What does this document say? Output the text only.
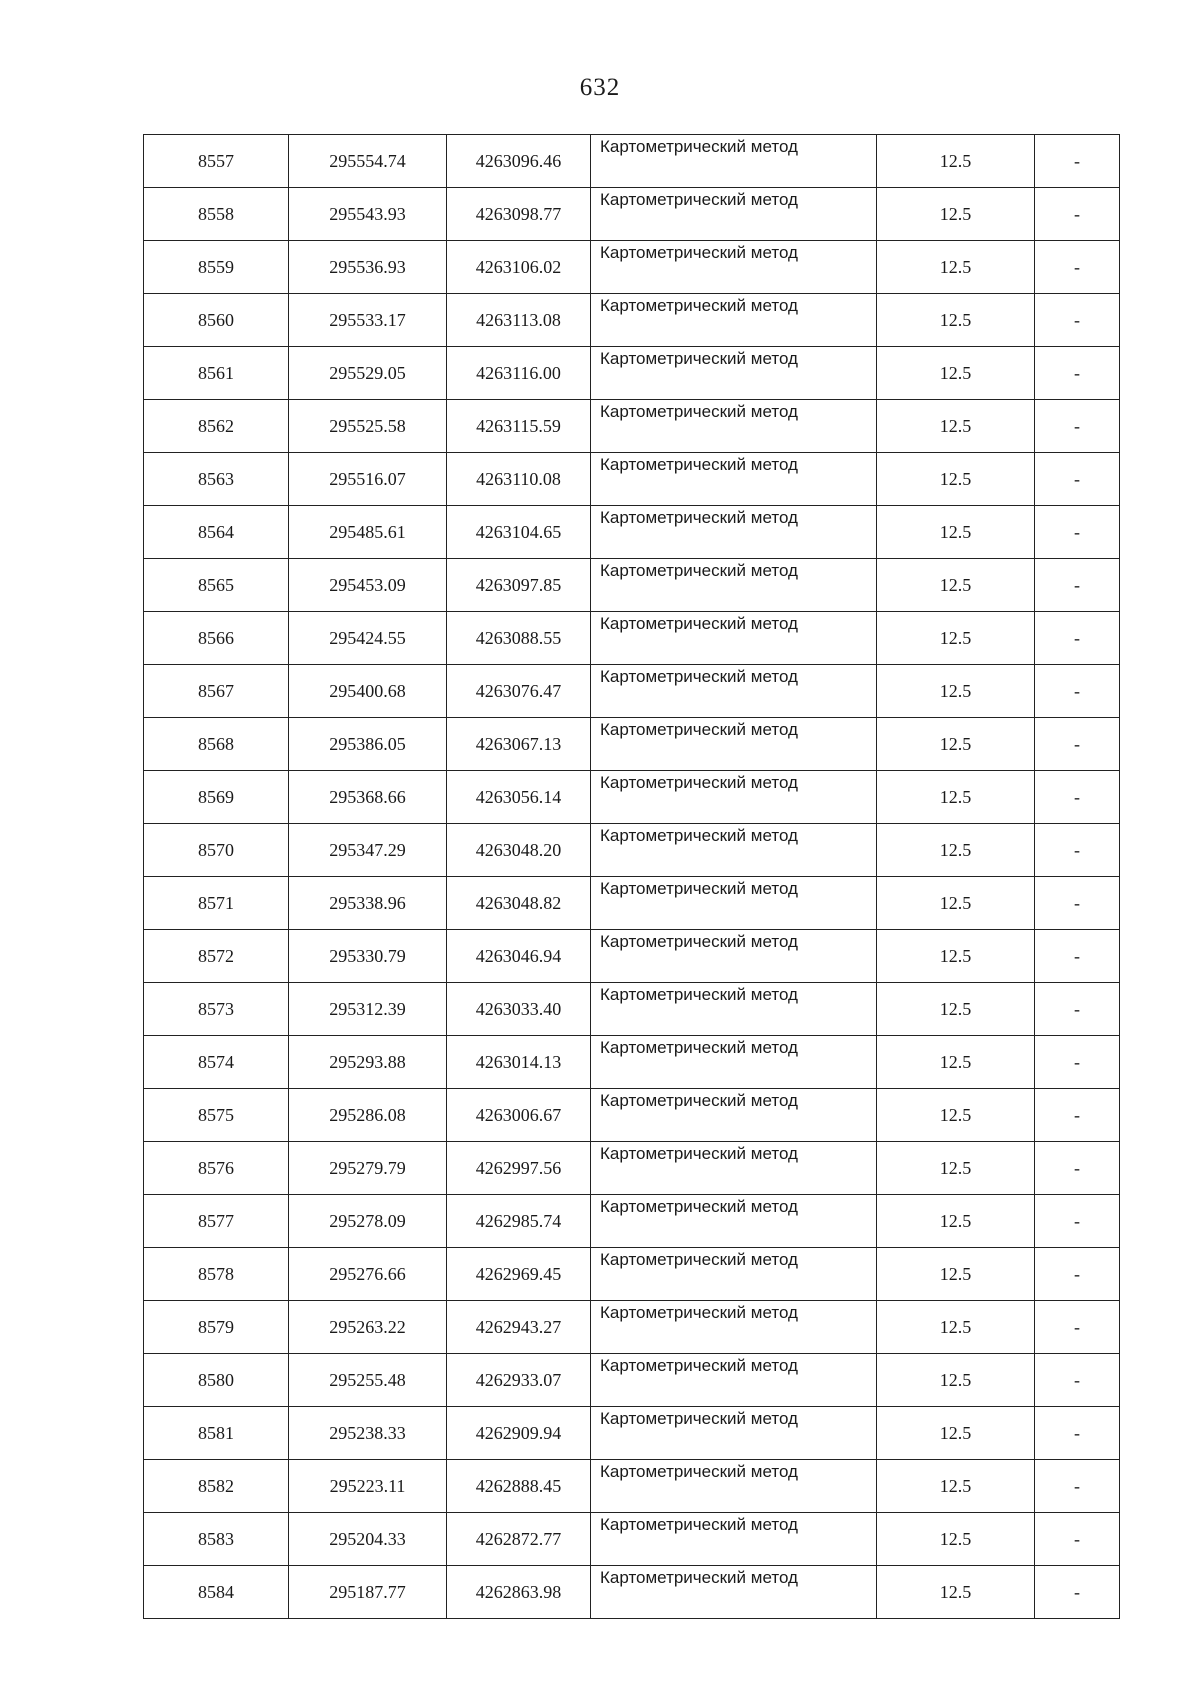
632
8557	295554.74	4263096.46	Картометрический метод	12.5	-
8558	295543.93	4263098.77	Картометрический метод	12.5	-
8559	295536.93	4263106.02	Картометрический метод	12.5	-
8560	295533.17	4263113.08	Картометрический метод	12.5	-
8561	295529.05	4263116.00	Картометрический метод	12.5	-
8562	295525.58	4263115.59	Картометрический метод	12.5	-
8563	295516.07	4263110.08	Картометрический метод	12.5	-
8564	295485.61	4263104.65	Картометрический метод	12.5	-
8565	295453.09	4263097.85	Картометрический метод	12.5	-
8566	295424.55	4263088.55	Картометрический метод	12.5	-
8567	295400.68	4263076.47	Картометрический метод	12.5	-
8568	295386.05	4263067.13	Картометрический метод	12.5	-
8569	295368.66	4263056.14	Картометрический метод	12.5	-
8570	295347.29	4263048.20	Картометрический метод	12.5	-
8571	295338.96	4263048.82	Картометрический метод	12.5	-
8572	295330.79	4263046.94	Картометрический метод	12.5	-
8573	295312.39	4263033.40	Картометрический метод	12.5	-
8574	295293.88	4263014.13	Картометрический метод	12.5	-
8575	295286.08	4263006.67	Картометрический метод	12.5	-
8576	295279.79	4262997.56	Картометрический метод	12.5	-
8577	295278.09	4262985.74	Картометрический метод	12.5	-
8578	295276.66	4262969.45	Картометрический метод	12.5	-
8579	295263.22	4262943.27	Картометрический метод	12.5	-
8580	295255.48	4262933.07	Картометрический метод	12.5	-
8581	295238.33	4262909.94	Картометрический метод	12.5	-
8582	295223.11	4262888.45	Картометрический метод	12.5	-
8583	295204.33	4262872.77	Картометрический метод	12.5	-
8584	295187.77	4262863.98	Картометрический метод	12.5	-
